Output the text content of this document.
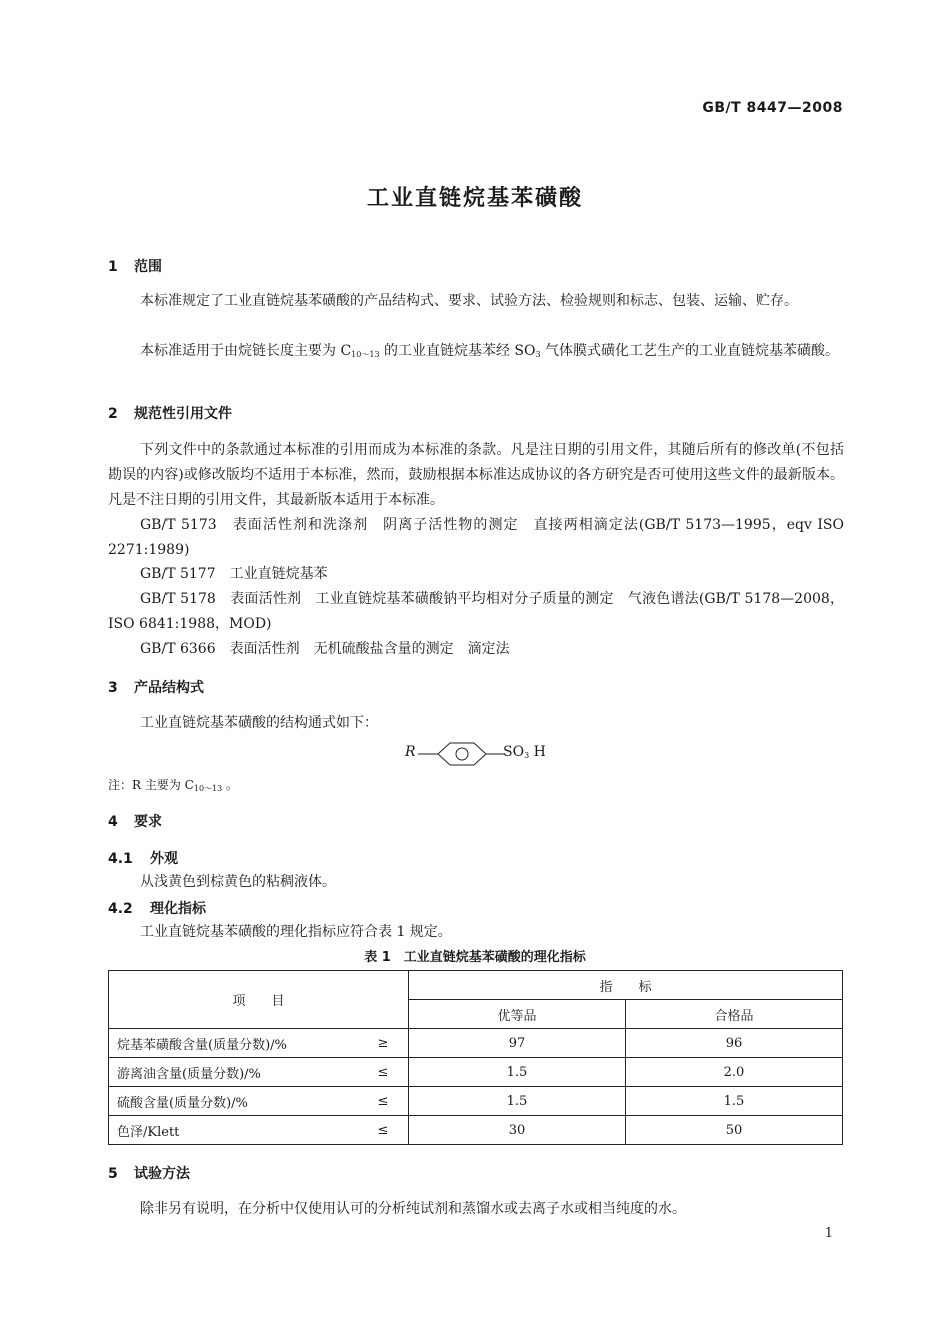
GB/T 8447—2008
工业直链烷基苯磺酸
1 范围
本标准规定了工业直链烷基苯磺酸的产品结构式、要求、试验方法、检验规则和标志、包装、运输、贮存。
本标准适用于由烷链长度主要为 $C_{10\sim 13}$ 的工业直链烷基苯经 $SO_3$ 气体膜式磺化工艺生产的工业直链烷基苯磺酸。
2 规范性引用文件
下列文件中的条款通过本标准的引用而成为本标准的条款。凡是注日期的引用文件，其随后所有的修改单(不包括勘误的内容)或修改版均不适用于本标准，然而，鼓励根据本标准达成协议的各方研究是否可使用这些文件的最新版本。凡是不注日期的引用文件，其最新版本适用于本标准。
GB/T 5173　表面活性剂和洗涤剂　阴离子活性物的测定　直接两相滴定法(GB/T 5173—1995，eqv ISO 2271:1989)
GB/T 5177　工业直链烷基苯
GB/T 5178　表面活性剂　工业直链烷基苯磺酸钠平均相对分子质量的测定　气液色谱法(GB/T 5178—2008，ISO 6841:1988，MOD)
GB/T 6366　表面活性剂　无机硫酸盐含量的测定　滴定法
3 产品结构式
工业直链烷基苯磺酸的结构通式如下：
R	$SO_3$ H
注：R 主要为 $C_{10\sim 13}$ 。
4 要求
4.1 外观
从浅黄色到棕黄色的粘稠液体。
4.2 理化指标
工业直链烷基苯磺酸的理化指标应符合表 1 规定。
表 1　工业直链烷基苯磺酸的理化指标
项　　目		指　　标	
		优等品	合格品
烷基苯磺酸含量(质量分数)/%	≥	97	96
游离油含量(质量分数)/%	≤	1.5	2.0
硫酸含量(质量分数)/%	≤	1.5	1.5
色泽/Klett	≤	30	50
5 试验方法
除非另有说明，在分析中仅使用认可的分析纯试剂和蒸馏水或去离子水或相当纯度的水。
1
